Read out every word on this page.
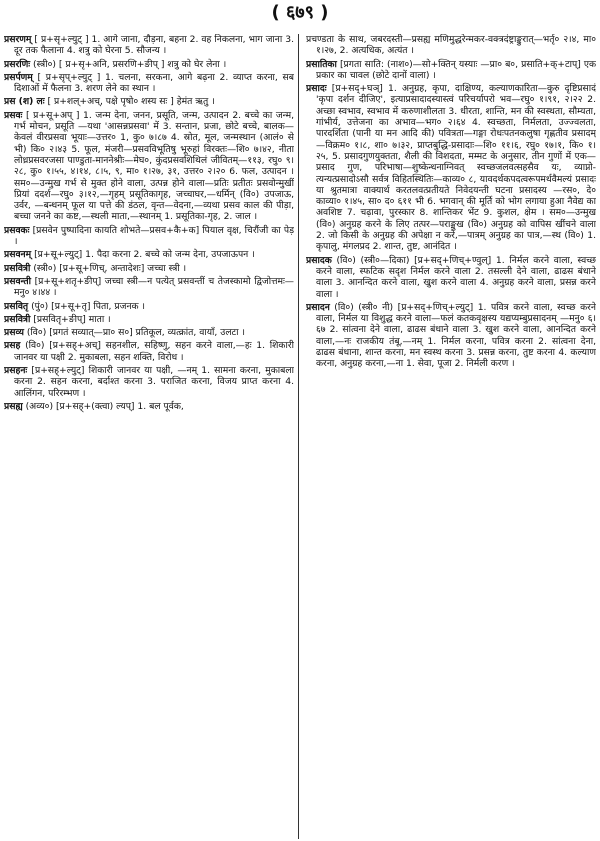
( ६७९ )

प्रसरणम् [ प्र+सृ+ल्युट् ] 1. आगे जाना, दौड़ना, बहना 2. वह निकलना, भाग जाना 3. दूर तक फैलाना 4. शत्रु को घेरना 5. सौजन्य ।

प्रसरणिः (स्त्री०) [ प्र+सृ+अनि, प्रसरणि+ङीप् ] शत्रु को घेर लेना ।

प्रसर्पणम् [ प्र+सृप्+ल्युट् ] 1. चलना, सरकना, आगे बढ़ना 2. व्याप्त करना, सब दिशाओं में फैलना 3. शरण लेने का स्थान ।

प्रस (श) लः [ प्र+शल्+अच्, पक्षे पृषो० शस्य सः ] हेमंत ऋतु ।

प्रसवः [ प्र+सू+अप् ] 1. जन्म देना, जनन, प्रसूति, जन्म, उत्पादन 2. बच्चे का जन्म, गर्भ मोचन, प्रसूति —यथा 'आसन्नप्रसवा' में 3. सन्तान, प्रजा, छोटे बच्चे, बालक—केवलं वीरप्रसवा भूयाः—उत्तर० 1, कु० ७।८७ 4. स्रोत, मूल, जन्मस्थान (आलं० से भी) कि० २।४३ 5. फूल, मंजरी—प्रसवविभूतिषु भूरुहां विरक्तः—शि० ७।४२, नीता लोध्रप्रसवरजसा पाण्डुता-माननेश्रीः—मेघ०, कुंदप्रसवशिथिलं जीवितम्—११३, रघु० ९।२८, कु० १।५५, ४।१४, ८।५, ९, मा० १।२७, ३१, उत्तर० २।२० 6. फल, उत्पादन । सम०—उन्मुख गर्भ से मुक्त होने वाला, उत्पन्न होने वाला—प्रतिः प्रतीतः प्रसवोन्मुखीं प्रियां ददर्श—रघु० ३।१२,—गृहम् प्रसूतिकागृह, जच्चाघर,—धर्मिन् (वि०) उपजाऊ, उर्वर, —बन्धनम् फूल या पत्ते की डंठल, वृन्त—वेदना,—व्यथा प्रसव काल की पीड़ा, बच्चा जनने का कष्ट,—स्थली माता,—स्थानम् 1. प्रसूतिका-गृह, 2. जाल ।

प्रसवकः [प्रसवेन पुष्पादिना कायति शोभते—प्रसव+कै+क] पियाल वृक्ष, चिरौंजी का पेड़ ।

प्रसवनम् [प्र+सू+ल्युट्] 1. पैदा करना 2. बच्चे को जन्म देना, उपजाऊपन ।

प्रसवित्री (स्त्री०) [प्र+सू+णिच्, अन्तादेशः] जच्चा स्त्री ।

प्रसवन्ती [प्र+सू+शतृ+ङीप्] जच्चा स्त्री—न पत्येत् प्रसवन्तीं च तेजस्कामो द्विजोत्तमः—मनु० ४।४४ ।

प्रसवितृ (पुं०) [प्र+सू+तृ] पिता, प्रजनक ।

प्रसवित्री [प्रसवितृ+ङीप्] माता ।

प्रसव्य (वि०) [प्रगतं सव्यात्—प्रा० स०] प्रतिकूल, व्यत्क्रांत, वायाँ, उलटा ।

प्रसह (वि०) [प्र+सह्+अच्] सहनशील, सहिष्णु, सहन करने वाला,—हः 1. शिकारी जानवर या पक्षी 2. मुकाबला, सहन शक्ति, विरोध ।

प्रसहनः [प्र+सह्+ल्युट्] शिकारी जानवर या पक्षी, —नम् 1. सामना करना, मुकाबला करना 2. सहन करना, बर्दाश्त करना 3. पराजित करना, विजय प्राप्त करना 4. आलिंगन, परिरम्भण ।

प्रसह्य (अव्य०) [प्र+सह्+(क्त्वा) ल्यप्] 1. बल पूर्वक,

प्रचण्डता के साथ, जबरदस्ती—प्रसह्य मणिमुद्धरेन्मकर-वक्त्रदंष्ट्राङ्कुरात्—भर्तृ० २।४, मा० १।२७, 2. अत्यधिक, अत्यंत ।

प्रसातिका [प्रगता साति: (नाश०)—सो+क्तिन् यस्याः —प्रा० ब०, प्रसाति+क्+टाप्] एक प्रकार का चावल (छोटे दानों वाला) ।

प्रसादः [प्र+सद्+घञ्] 1. अनुग्रह, कृपा, दाक्षिण्य, कल्याणकारिता—कुरु दृष्टिप्रसादं 'कृपा दर्शन दीजिए', इत्याप्रसादादस्यास्त्वं परिचर्यापरो भव—रघु० १।९१, २।२२ 2. अच्छा स्वभाव, स्वभाव में करुणाशीलता 3. धीरता, शान्ति, मन की स्वस्थता, सौम्यता, गांभीर्य, उत्तेजना का अभाव—भग० २।६४ 4. स्वच्छता, निर्मलता, उज्ज्वलता, पारदर्शिता (पानी या मन आदि की) पवित्रता—गङ्गा रोधःपतनकलुषा गृह्णतीव प्रसादम्—विक्रम० १।८, शा० ७।३२, प्राप्तबुद्धि-प्रसादाः—शि० ११।६, रघु० १७।१, कि० १।२५, 5. प्रसादगुणयुक्तता, शैली की विशदता, मम्मट के अनुसार, तीन गुणों में एक—प्रसाद गुण, परिभाषा—शुष्केन्धनाग्निवत् स्वच्छजलवत्सहसैव यः, व्याप्नो-त्यन्यत्प्रसादोऽसौ सर्वत्र विहितस्थितिः—काव्य० ८, यावदर्थकपदत्वरूपमर्थवैमल्यं प्रसादः या श्रुतमात्रा वाक्यार्थ करतलवत्प्रतीयते निवेदयन्ती घटना प्रसादस्य —रस०, दे० काव्या० १।४५, सा० द० ६११ भी 6. भगवान् की मूर्ति को भोग लगाया हुआ नैवेद्य का अवशिष्ट 7. चढ़ावा, पुरस्कार 8. शान्तिकर भेंट 9. कुशल, क्षेम । सम०—उन्मुख (वि०) अनुग्रह करने के लिए तत्पर—पराङ्मुख (वि०) अनुग्रह को वापिस खींचने वाला 2. जो किसी के अनुग्रह की अपेक्षा न करे,—पात्रम् अनुग्रह का पात्र,—स्थ (वि०) 1. कृपालु, मंगलप्रद 2. शान्त, तुष्ट, आनंदित ।

प्रसादक (वि०) (स्त्री०—दिका) [प्र+सद्+णिच्+ण्वुल्] 1. निर्मल करने वाला, स्वच्छ करने वाला, स्फटिक सदृश निर्मल करने वाला 2. तसल्ली देने वाला, ढाढस बंधाने वाला 3. आनन्दित करने वाला, खुश करने वाला 4. अनुग्रह करने वाला, प्रसन्न करने वाला ।

प्रसादन (वि०) (स्त्री० नी) [प्र+सद्+णिच्+ल्युट्] 1. पवित्र करने वाला, स्वच्छ करने वाला, निर्मल या विशुद्ध करने वाला—फलं कतकवृक्षस्य यद्यप्यम्बुप्रसादनम् —मनु० ६।६७ 2. सांत्वना देने वाला, ढाढस बंधाने वाला 3. खुश करने वाला, आनन्दित करने वाला,—नः राजकीय तंबू,—नम् 1. निर्मल करना, पवित्र करना 2. सांत्वना देना, ढाढस बंधाना, शान्त करना, मन स्वस्थ करना 3. प्रसन्न करना, तुष्ट करना 4. कल्याण करना, अनुग्रह करना,—ना 1. सेवा, पूजा 2. निर्मली करण ।
